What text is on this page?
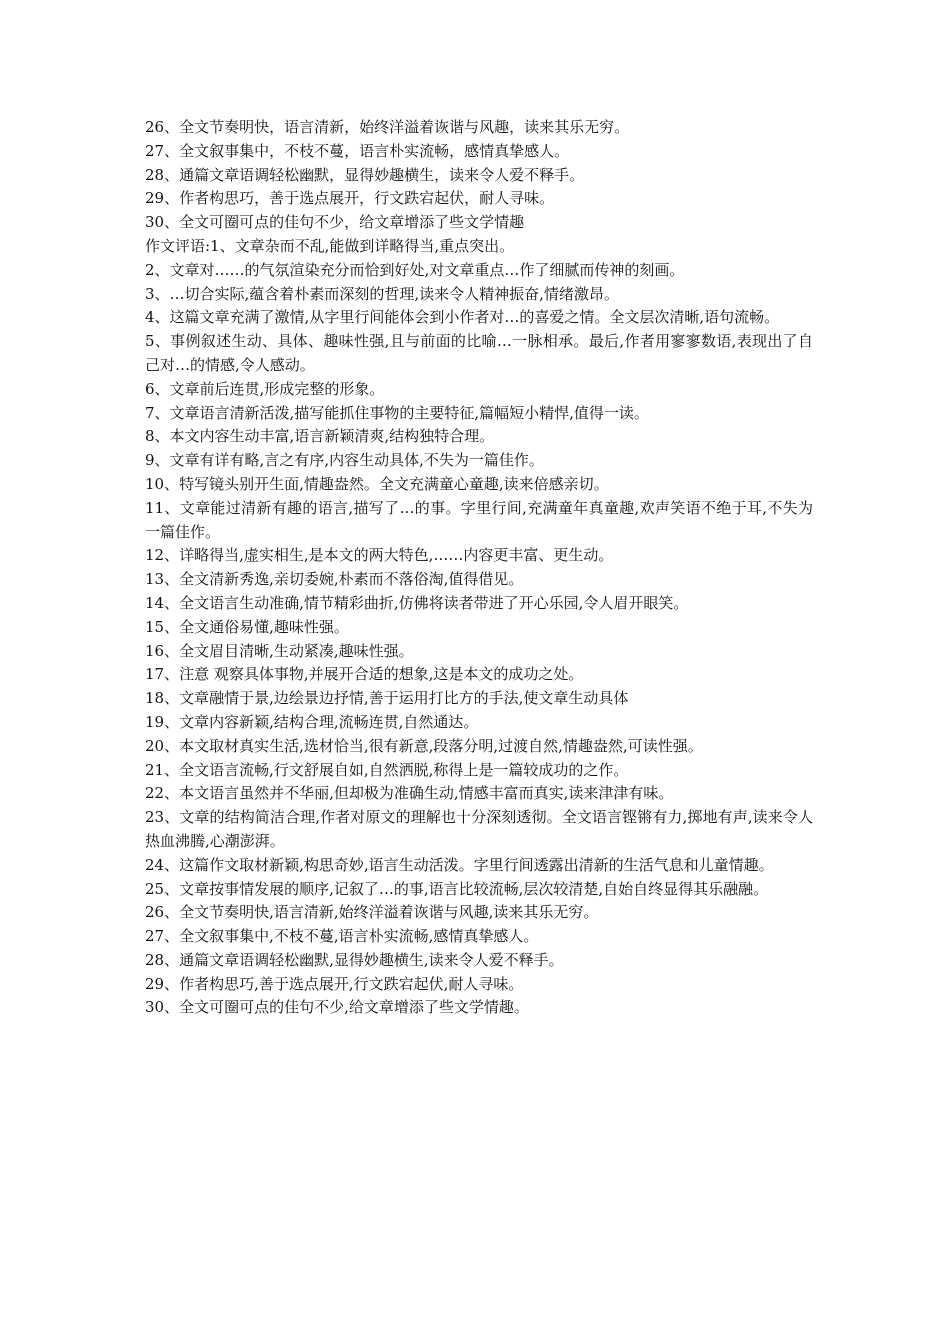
26、全文节奏明快，语言清新，始终洋溢着诙谐与风趣，读来其乐无穷。

27、全文叙事集中，不枝不蔓，语言朴实流畅，感情真挚感人。

28、通篇文章语调轻松幽默，显得妙趣横生，读来令人爱不释手。

29、作者构思巧，善于选点展开，行文跌宕起伏，耐人寻味。

30、全文可圈可点的佳句不少，给文章增添了些文学情趣

作文评语:1、文章杂而不乱,能做到详略得当,重点突出。

2、文章对……的气氛渲染充分而恰到好处,对文章重点…作了细腻而传神的刻画。

3、…切合实际,蕴含着朴素而深刻的哲理,读来令人精神振奋,情绪激昂。

4、这篇文章充满了激情,从字里行间能体会到小作者对…的喜爱之情。全文层次清晰,语句流畅。

5、事例叙述生动、具体、趣味性强,且与前面的比喻…一脉相承。最后,作者用寥寥数语,表现出了自己对…的情感,令人感动。

6、文章前后连贯,形成完整的形象。

7、文章语言清新活泼,描写能抓住事物的主要特征,篇幅短小精悍,值得一读。

8、本文内容生动丰富,语言新颖清爽,结构独特合理。

9、文章有详有略,言之有序,内容生动具体,不失为一篇佳作。

10、特写镜头别开生面,情趣盎然。全文充满童心童趣,读来倍感亲切。

11、文章能过清新有趣的语言,描写了…的事。字里行间,充满童年真童趣,欢声笑语不绝于耳,不失为一篇佳作。

12、详略得当,虚实相生,是本文的两大特色,……内容更丰富、更生动。

13、全文清新秀逸,亲切委婉,朴素而不落俗淘,值得借见。

14、全文语言生动准确,情节精彩曲折,仿佛将读者带进了开心乐园,令人眉开眼笑。

15、全文通俗易懂,趣味性强。

16、全文眉目清晰,生动紧凑,趣味性强。

17、注意 观察具体事物,并展开合适的想象,这是本文的成功之处。

18、文章融情于景,边绘景边抒情,善于运用打比方的手法,使文章生动具体

19、文章内容新颖,结构合理,流畅连贯,自然通达。

20、本文取材真实生活,选材恰当,很有新意,段落分明,过渡自然,情趣盎然,可读性强。

21、全文语言流畅,行文舒展自如,自然洒脱,称得上是一篇较成功的之作。

22、本文语言虽然并不华丽,但却极为准确生动,情感丰富而真实,读来津津有味。

23、文章的结构简洁合理,作者对原文的理解也十分深刻透彻。全文语言铿锵有力,掷地有声,读来令人热血沸腾,心潮澎湃。

24、这篇作文取材新颖,构思奇妙,语言生动活泼。字里行间透露出清新的生活气息和儿童情趣。

25、文章按事情发展的顺序,记叙了…的事,语言比较流畅,层次较清楚,自始自终显得其乐融融。

26、全文节奏明快,语言清新,始终洋溢着诙谐与风趣,读来其乐无穷。

27、全文叙事集中,不枝不蔓,语言朴实流畅,感情真挚感人。

28、通篇文章语调轻松幽默,显得妙趣横生,读来令人爱不释手。

29、作者构思巧,善于选点展开,行文跌宕起伏,耐人寻味。

30、全文可圈可点的佳句不少,给文章增添了些文学情趣。
